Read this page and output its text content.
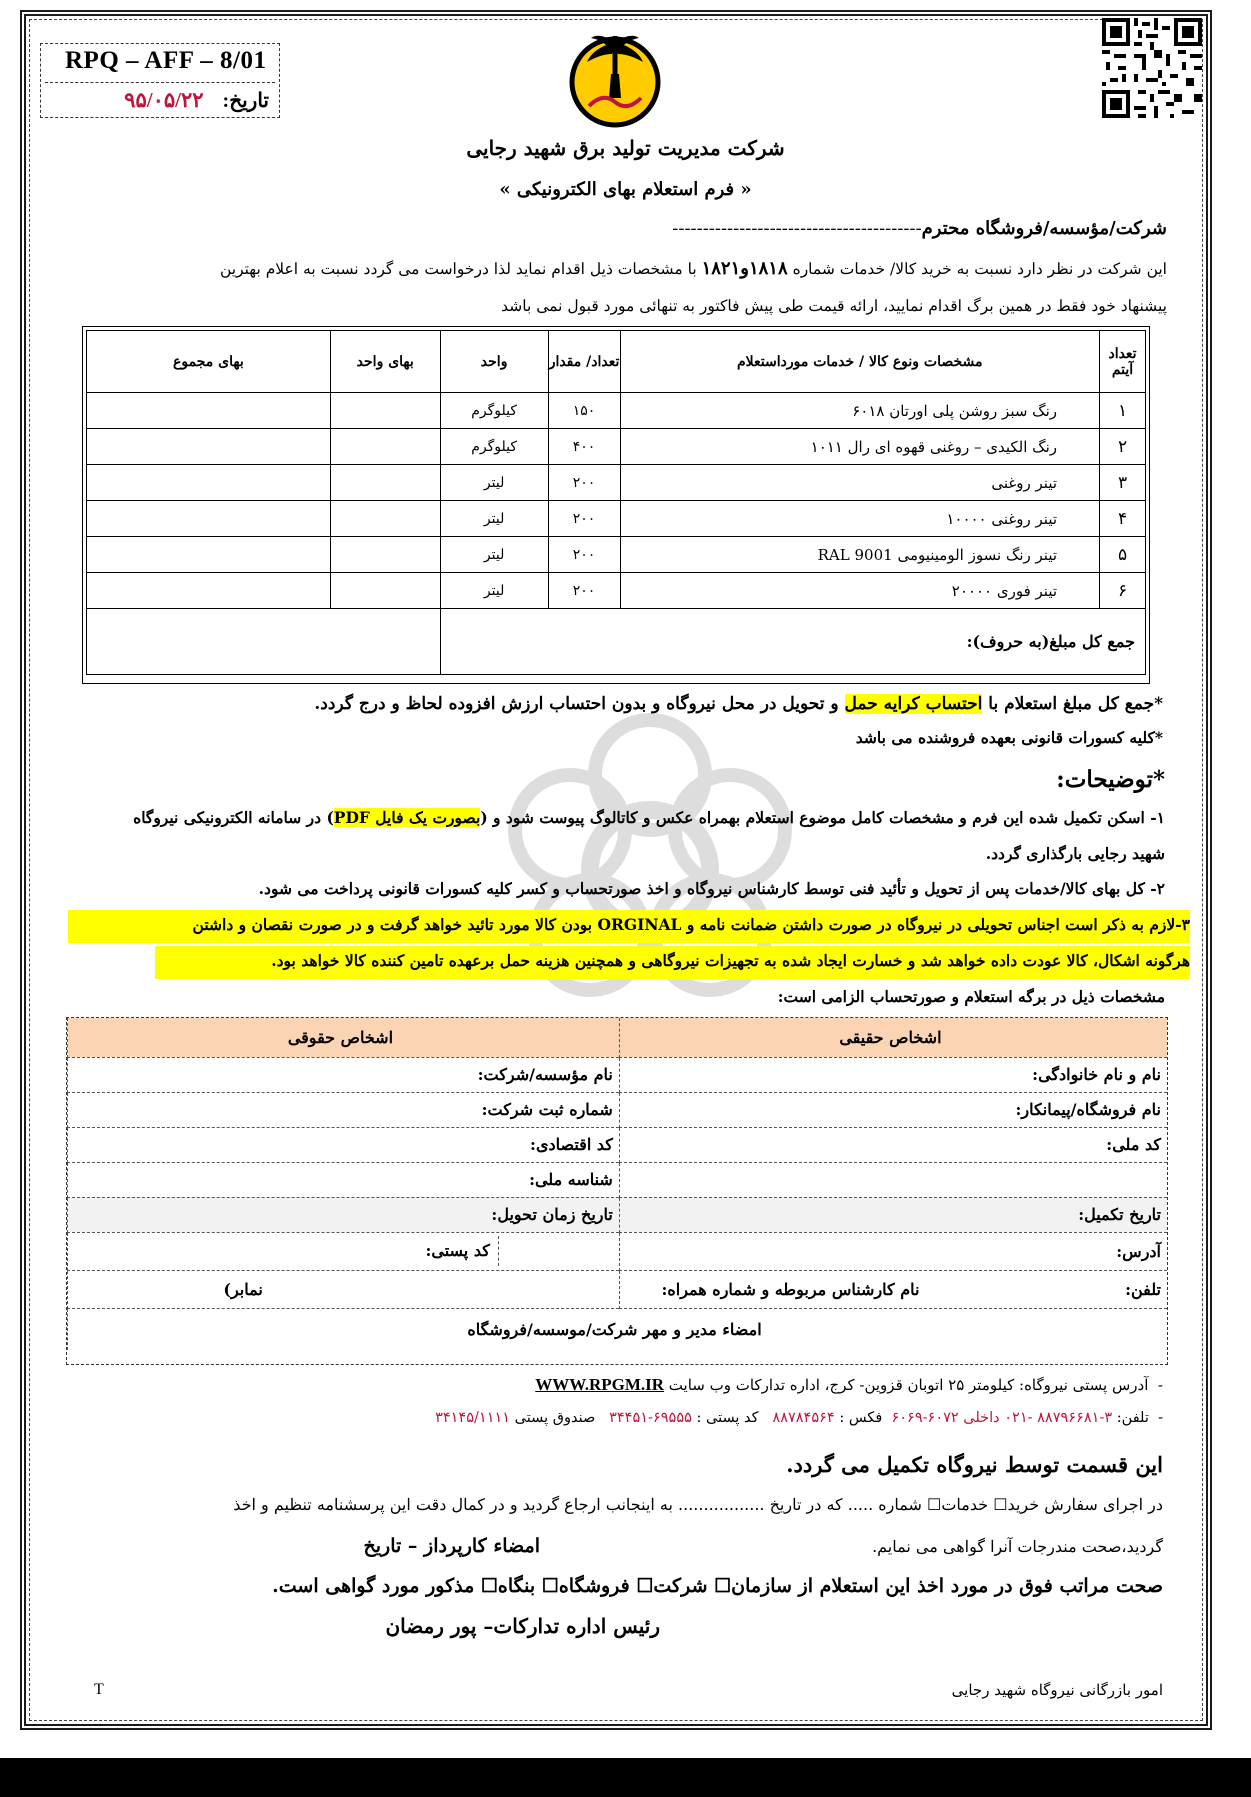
RPQ – AFF – 8/01
تاریخ: ۹۵/۰۵/۲۲
شرکت مدیریت تولید برق شهید رجایی
« فرم استعلام بهای الکترونیکی »
شرکت/مؤسسه/فروشگاه محترم-----------------------------------------
این شرکت در نظر دارد نسبت به خرید کالا/ خدمات شماره ۱۸۱۸و۱۸۲۱ با مشخصات ذیل اقدام نماید لذا درخواست می گردد نسبت به اعلام بهترین
پیشنهاد خود فقط در همین برگ اقدام نمایید، ارائه قیمت طی پیش فاکتور به تنهائی مورد قبول نمی باشد
تعداد آیتم	مشخصات ونوع کالا / خدمات مورداستعلام	تعداد/ مقدار	واحد	بهای واحد	بهای مجموع
۱	رنگ سبز روشن پلی اورتان ۶۰۱۸	۱۵۰	کیلوگرم		
۲	رنگ الکیدی – روغنی قهوه ای رال ۱۰۱۱	۴۰۰	کیلوگرم		
۳	تینر روغنی	۲۰۰	لیتر		
۴	تینر روغنی ۱۰۰۰۰	۲۰۰	لیتر		
۵	تینر رنگ نسوز الومینیومی RAL 9001	۲۰۰	لیتر		
۶	تینر فوری ۲۰۰۰۰	۲۰۰	لیتر		
جمع کل مبلغ(به حروف):					
*جمع کل مبلغ استعلام با احتساب کرایه حمل و تحویل در محل نیروگاه و بدون احتساب ارزش افزوده لحاظ و درج گردد.
*کلیه کسورات قانونی بعهده فروشنده می باشد
*توضیحات:
۱- اسکن تکمیل شده این فرم و مشخصات کامل موضوع استعلام بهمراه عکس و کاتالوگ پیوست شود و (بصورت یک فایل PDF) در سامانه الکترونیکی نیروگاه
شهید رجایی بارگذاری گردد.
۲- کل بهای کالا/خدمات پس از تحویل و تأئید فنی توسط کارشناس نیروگاه و اخذ صورتحساب و کسر کلیه کسورات قانونی پرداخت می شود.
۳-لازم به ذکر است اجناس تحویلی در نیروگاه در صورت داشتن ضمانت نامه و ORGINAL بودن کالا مورد تائید خواهد گرفت و در صورت نقصان و داشتن
هرگونه اشکال، کالا عودت داده خواهد شد و خسارت ایجاد شده به تجهیزات نیروگاهی و همچنین هزینه حمل برعهده تامین کننده کالا خواهد بود.
مشخصات ذیل در برگه استعلام و صورتحساب الزامی است:
اشخاص حقیقی	اشخاص حقوقی
نام و نام خانوادگی:	نام مؤسسه/شرکت:
نام فروشگاه/پیمانکار:	شماره ثبت شرکت:
کد ملی:	کد اقتصادی:
	شناسه ملی:
تاریخ تکمیل:	تاریخ زمان تحویل:
آدرس:	کد پستی:
تلفن: نام کارشناس مربوطه و شماره همراه:	نمابر)
امضاء مدیر و مهر شرکت/موسسه/فروشگاه	
-  آدرس پستی نیروگاه: کیلومتر ۲۵ اتوبان قزوین- کرج، اداره تداركات وب سایت WWW.RPGM.IR
-  تلفن: ۳-۸۸۷۹۶۶۸۱ -۰۲۱ داخلی ۶۰۷۲-۶۰۶۹  فکس : ۸۸۷۸۴۵۶۴   کد پستی : ۶۹۵۵۵-۳۴۴۵۱   صندوق پستی ۳۴۱۴۵/۱۱۱۱
این قسمت توسط نیروگاه تکمیل می گردد.
در اجرای سفارش خرید☐ خدمات☐ شماره ..... که در تاریخ ................. به اینجانب ارجاع گردید و در کمال دقت این پرسشنامه تنظیم و اخذ
گردید،صحت مندرجات آنرا گواهی می نمایم.
امضاء کارپرداز – تاریخ
صحت مراتب فوق در مورد اخذ این استعلام از سازمان☐ شرکت☐ فروشگاه☐ بنگاه☐ مذکور مورد گواهی است.
رئیس اداره تدارکات– پور رمضان
امور بازرگانی نیروگاه شهید رجایی
T
